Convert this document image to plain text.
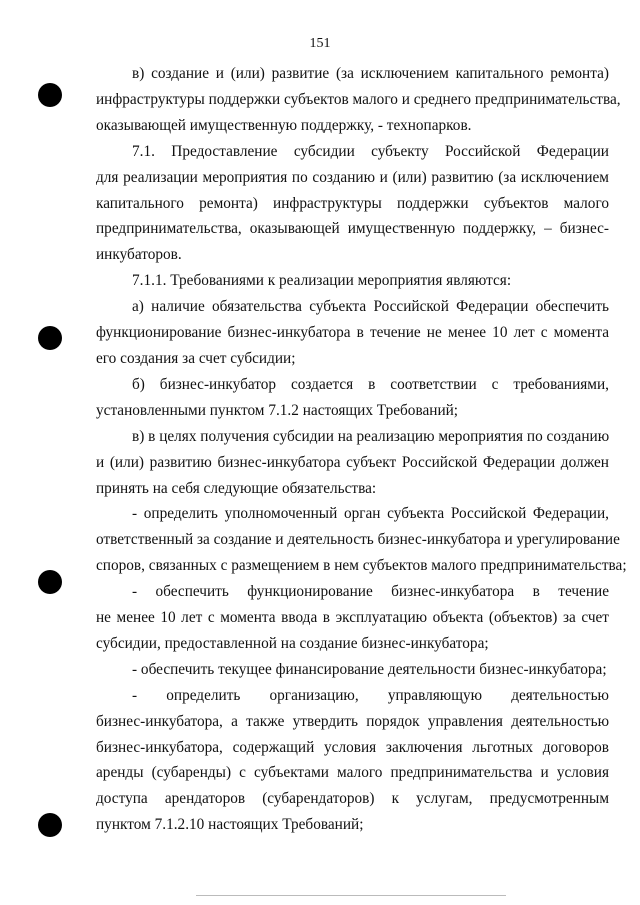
151
в) создание и (или) развитие (за исключением капитального ремонта)
инфраструктуры поддержки субъектов малого и среднего предпринимательства,
оказывающей имущественную поддержку, - технопарков.
7.1. Предоставление субсидии субъекту Российской Федерации
для реализации мероприятия по созданию и (или) развитию (за исключением
капитального ремонта) инфраструктуры поддержки субъектов малого
предпринимательства, оказывающей имущественную поддержку, – бизнес-
инкубаторов.
7.1.1. Требованиями к реализации мероприятия являются:
а) наличие обязательства субъекта Российской Федерации обеспечить
функционирование бизнес-инкубатора в течение не менее 10 лет с момента
его создания за счет субсидии;
б) бизнес-инкубатор создается в соответствии с требованиями,
установленными пунктом 7.1.2 настоящих Требований;
в) в целях получения субсидии на реализацию мероприятия по созданию
и (или) развитию бизнес-инкубатора субъект Российской Федерации должен
принять на себя следующие обязательства:
- определить уполномоченный орган субъекта Российской Федерации,
ответственный за создание и деятельность бизнес-инкубатора и урегулирование
споров, связанных с размещением в нем субъектов малого предпринимательства;
- обеспечить функционирование бизнес-инкубатора в течение
не менее 10 лет с момента ввода в эксплуатацию объекта (объектов) за счет
субсидии, предоставленной на создание бизнес-инкубатора;
- обеспечить текущее финансирование деятельности бизнес-инкубатора;
- определить организацию, управляющую деятельностью
бизнес-инкубатора, а также утвердить порядок управления деятельностью
бизнес-инкубатора, содержащий условия заключения льготных договоров
аренды (субаренды) с субъектами малого предпринимательства и условия
доступа арендаторов (субарендаторов) к услугам, предусмотренным
пунктом 7.1.2.10 настоящих Требований;
